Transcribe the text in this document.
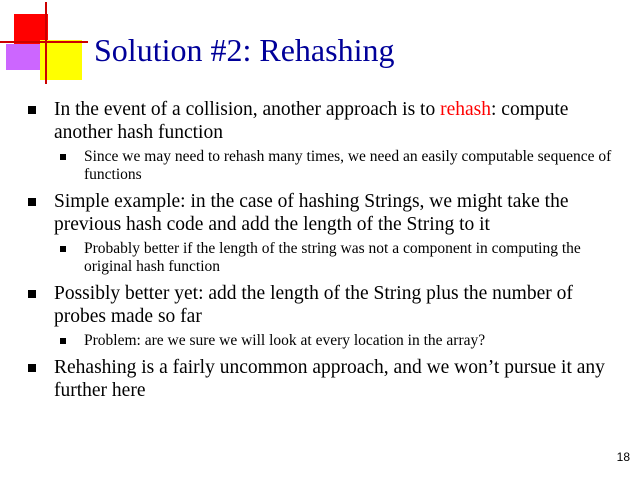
Solution #2: Rehashing
In the event of a collision, another approach is to rehash: compute another hash function
Since we may need to rehash many times, we need an easily computable sequence of functions
Simple example: in the case of hashing Strings, we might take the previous hash code and add the length of the String to it
Probably better if the length of the string was not a component in computing the original hash function
Possibly better yet: add the length of the String plus the number of probes made so far
Problem: are we sure we will look at every location in the array?
Rehashing is a fairly uncommon approach, and we won’t pursue it any further here
18
